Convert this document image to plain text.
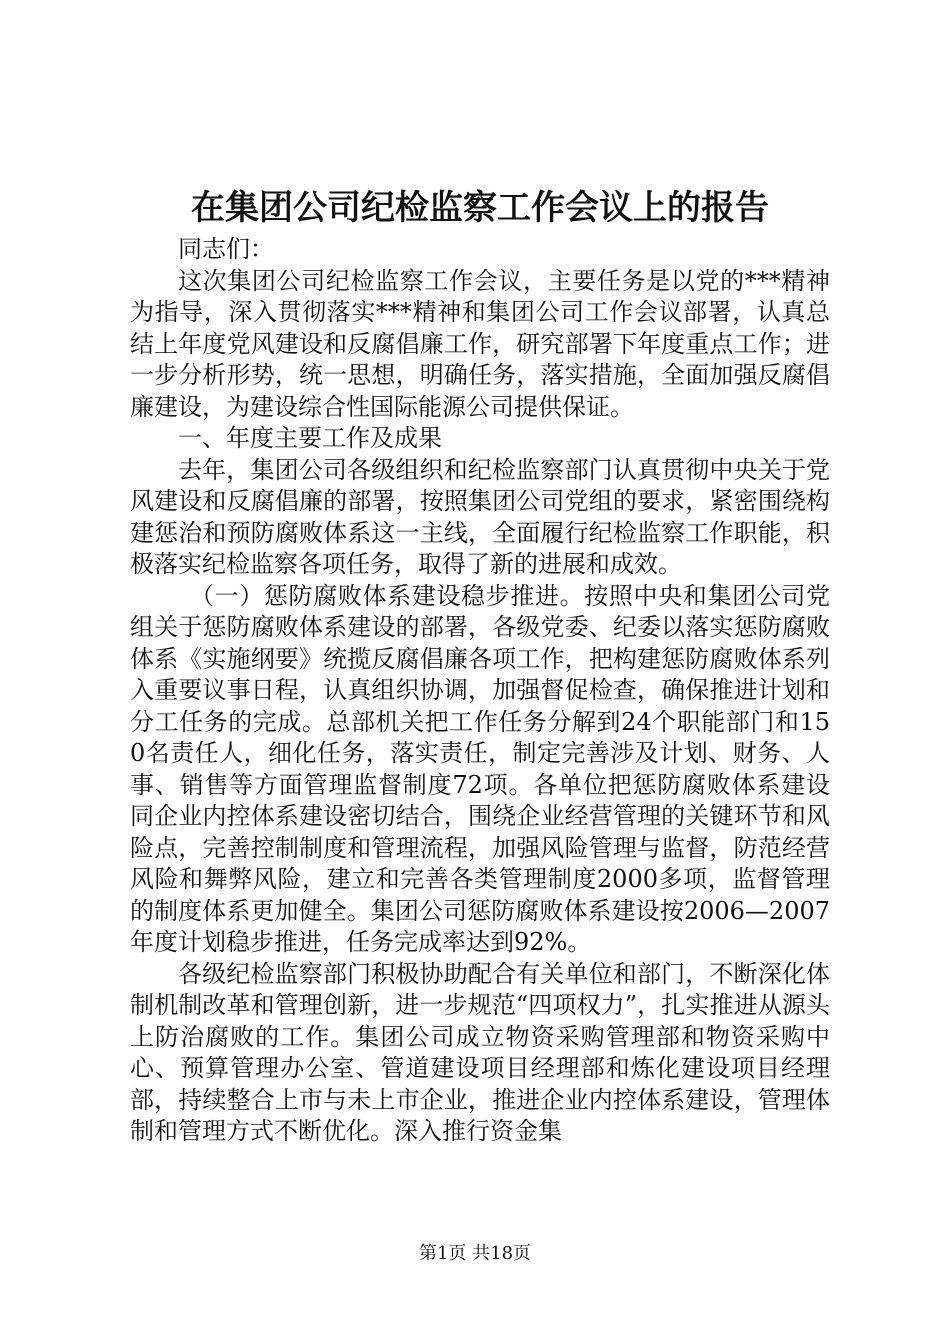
在集团公司纪检监察工作会议上的报告

同志们：

这次集团公司纪检监察工作会议，主要任务是以党的***精神为指导，深入贯彻落实***精神和集团公司工作会议部署，认真总结上年度党风建设和反腐倡廉工作，研究部署下年度重点工作；进一步分析形势，统一思想，明确任务，落实措施，全面加强反腐倡廉建设，为建设综合性国际能源公司提供保证。

一、年度主要工作及成果

去年，集团公司各级组织和纪检监察部门认真贯彻中央关于党风建设和反腐倡廉的部署，按照集团公司党组的要求，紧密围绕构建惩治和预防腐败体系这一主线，全面履行纪检监察工作职能，积极落实纪检监察各项任务，取得了新的进展和成效。

（一）惩防腐败体系建设稳步推进。按照中央和集团公司党组关于惩防腐败体系建设的部署，各级党委、纪委以落实惩防腐败体系《实施纲要》统揽反腐倡廉各项工作，把构建惩防腐败体系列入重要议事日程，认真组织协调，加强督促检查，确保推进计划和分工任务的完成。总部机关把工作任务分解到24个职能部门和150名责任人，细化任务，落实责任，制定完善涉及计划、财务、人事、销售等方面管理监督制度72项。各单位把惩防腐败体系建设同企业内控体系建设密切结合，围绕企业经营管理的关键环节和风险点，完善控制制度和管理流程，加强风险管理与监督，防范经营风险和舞弊风险，建立和完善各类管理制度2000多项，监督管理的制度体系更加健全。集团公司惩防腐败体系建设按2006—2007年度计划稳步推进，任务完成率达到92%。

各级纪检监察部门积极协助配合有关单位和部门，不断深化体制机制改革和管理创新，进一步规范“四项权力”，扎实推进从源头上防治腐败的工作。集团公司成立物资采购管理部和物资采购中心、预算管理办公室、管道建设项目经理部和炼化建设项目经理部，持续整合上市与未上市企业，推进企业内控体系建设，管理体制和管理方式不断优化。深入推行资金集

第1页 共18页
